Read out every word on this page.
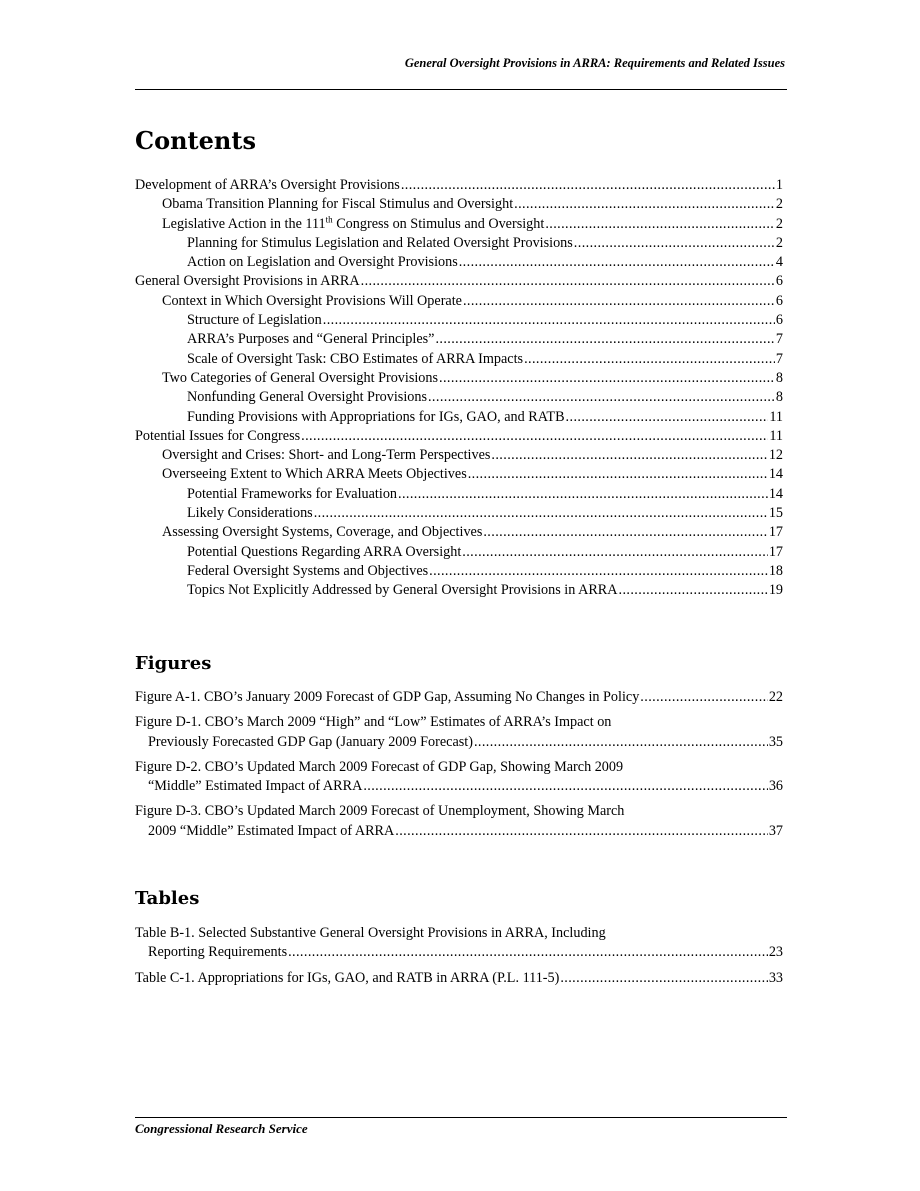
General Oversight Provisions in ARRA: Requirements and Related Issues
Contents
Development of ARRA’s Oversight Provisions .....	1
Obama Transition Planning for Fiscal Stimulus and Oversight .....	2
Legislative Action in the 111th Congress on Stimulus and Oversight .....	2
Planning for Stimulus Legislation and Related Oversight Provisions .....	2
Action on Legislation and Oversight Provisions .....	4
General Oversight Provisions in ARRA .....	6
Context in Which Oversight Provisions Will Operate .....	6
Structure of Legislation .....	6
ARRA’s Purposes and “General Principles” .....	7
Scale of Oversight Task: CBO Estimates of ARRA Impacts .....	7
Two Categories of General Oversight Provisions .....	8
Nonfunding General Oversight Provisions .....	8
Funding Provisions with Appropriations for IGs, GAO, and RATB .....	11
Potential Issues for Congress .....	11
Oversight and Crises: Short- and Long-Term Perspectives .....	12
Overseeing Extent to Which ARRA Meets Objectives .....	14
Potential Frameworks for Evaluation .....	14
Likely Considerations .....	15
Assessing Oversight Systems, Coverage, and Objectives .....	17
Potential Questions Regarding ARRA Oversight .....	17
Federal Oversight Systems and Objectives .....	18
Topics Not Explicitly Addressed by General Oversight Provisions in ARRA .....	19
Figures
Figure A-1. CBO’s January 2009 Forecast of GDP Gap, Assuming No Changes in Policy .....	22
Figure D-1. CBO’s March 2009 “High” and “Low” Estimates of ARRA’s Impact on
Previously Forecasted GDP Gap (January 2009 Forecast) .....	35
Figure D-2. CBO’s Updated March 2009 Forecast of GDP Gap, Showing March 2009
“Middle” Estimated Impact of ARRA .....	36
Figure D-3. CBO’s Updated March 2009 Forecast of Unemployment, Showing March
2009 “Middle” Estimated Impact of ARRA .....	37
Tables
Table B-1. Selected Substantive General Oversight Provisions in ARRA, Including
Reporting Requirements .....	23
Table C-1. Appropriations for IGs, GAO, and RATB in ARRA (P.L. 111-5) .....	33
Congressional Research Service
